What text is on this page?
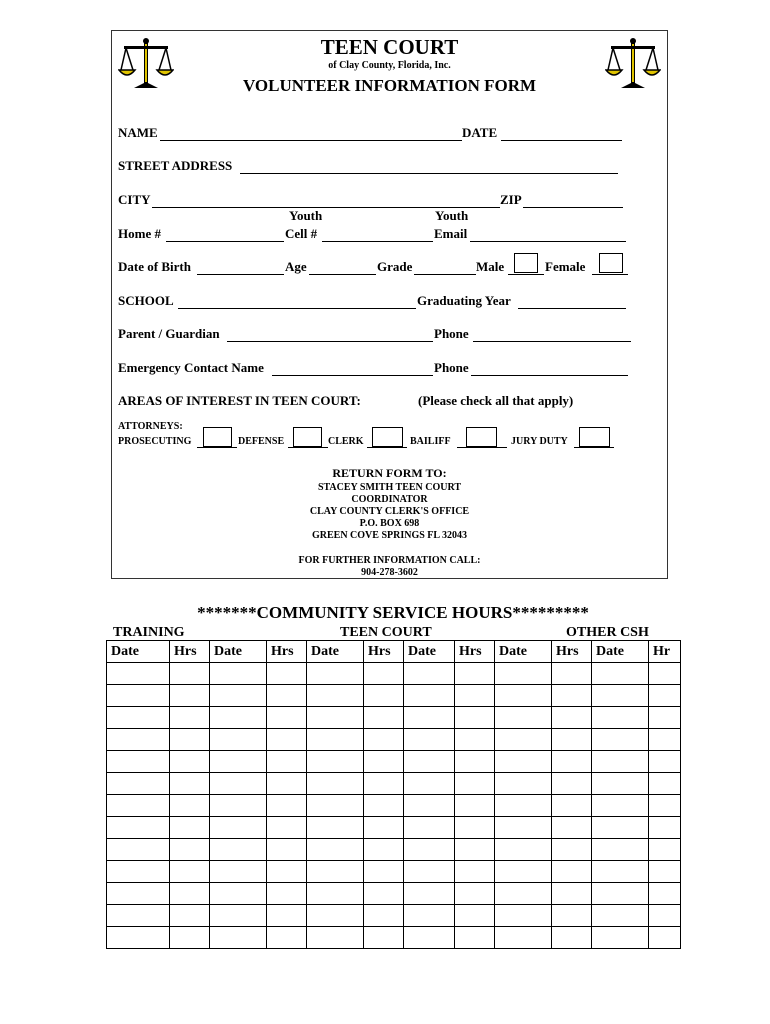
TEEN COURT
of Clay County, Florida, Inc.
VOLUNTEER INFORMATION FORM
NAME	DATE
STREET ADDRESS
CITY	ZIP
Youth	Youth
Home #	Cell #	Email
Date of Birth	Age	Grade	Male	Female
SCHOOL	Graduating Year
Parent / Guardian	Phone
Emergency Contact Name	Phone
AREAS OF INTEREST IN TEEN COURT:	(Please check all that apply)
ATTORNEYS:
PROSECUTING	DEFENSE	CLERK	BAILIFF	JURY DUTY
RETURN FORM TO:
STACEY SMITH TEEN COURT
COORDINATOR
CLAY COUNTY CLERK'S OFFICE
P.O. BOX 698
GREEN COVE SPRINGS FL 32043
FOR FURTHER INFORMATION CALL:
904-278-3602
*******COMMUNITY SERVICE HOURS*********
TRAINING	TEEN COURT	OTHER CSH
Date	Hrs	Date	Hrs	Date	Hrs	Date	Hrs	Date	Hrs	Date	Hr
